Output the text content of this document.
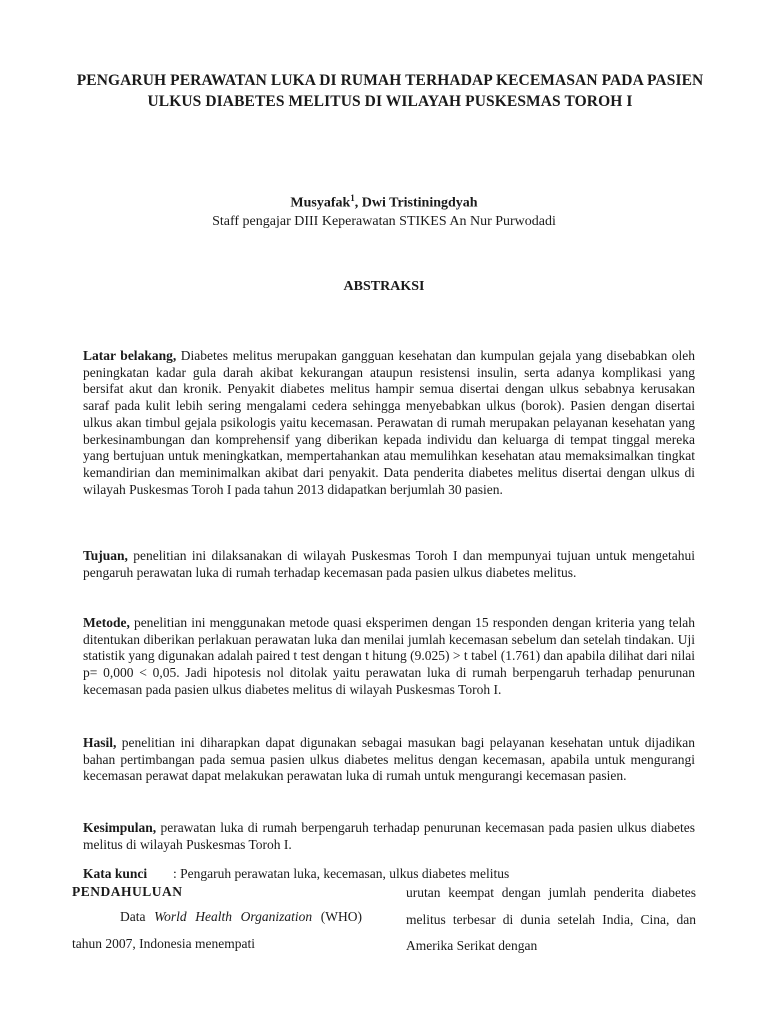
PENGARUH PERAWATAN LUKA DI RUMAH TERHADAP KECEMASAN PADA PASIEN ULKUS DIABETES MELITUS DI WILAYAH PUSKESMAS TOROH I
Musyafak$^1$, Dwi Tristiningdyah
Staff pengajar DIII Keperawatan STIKES An Nur Purwodadi
ABSTRAKSI
Latar belakang, Diabetes melitus merupakan gangguan kesehatan dan kumpulan gejala yang disebabkan oleh peningkatan kadar gula darah akibat kekurangan ataupun resistensi insulin, serta adanya komplikasi yang bersifat akut dan kronik. Penyakit diabetes melitus hampir semua disertai dengan ulkus sebabnya kerusakan saraf pada kulit lebih sering mengalami cedera sehingga menyebabkan ulkus (borok). Pasien dengan disertai ulkus akan timbul gejala psikologis yaitu kecemasan. Perawatan di rumah merupakan pelayanan kesehatan yang berkesinambungan dan komprehensif yang diberikan kepada individu dan keluarga di tempat tinggal mereka yang bertujuan untuk meningkatkan, mempertahankan atau memulihkan kesehatan atau memaksimalkan tingkat kemandirian dan meminimalkan akibat dari penyakit. Data penderita diabetes melitus disertai dengan ulkus di wilayah Puskesmas Toroh I pada tahun 2013 didapatkan berjumlah 30 pasien.
Tujuan, penelitian ini dilaksanakan di wilayah Puskesmas Toroh I dan mempunyai tujuan untuk mengetahui pengaruh perawatan luka di rumah terhadap kecemasan pada pasien ulkus diabetes melitus.
Metode, penelitian ini menggunakan metode quasi eksperimen dengan 15 responden dengan kriteria yang telah ditentukan diberikan perlakuan perawatan luka dan menilai jumlah kecemasan sebelum dan setelah tindakan. Uji statistik yang digunakan adalah paired t test dengan t hitung (9.025) > t tabel (1.761) dan apabila dilihat dari nilai p= 0,000 < 0,05. Jadi hipotesis nol ditolak yaitu perawatan luka di rumah berpengaruh terhadap penurunan kecemasan pada pasien ulkus diabetes melitus di wilayah Puskesmas Toroh I.
Hasil, penelitian ini diharapkan dapat digunakan sebagai masukan bagi pelayanan kesehatan untuk dijadikan bahan pertimbangan pada semua pasien ulkus diabetes melitus dengan kecemasan, apabila untuk mengurangi kecemasan perawat dapat melakukan perawatan luka di rumah untuk mengurangi kecemasan pasien.
Kesimpulan, perawatan luka di rumah berpengaruh terhadap penurunan kecemasan pada pasien ulkus diabetes melitus di wilayah Puskesmas Toroh I.
Kata kunci : Pengaruh perawatan luka, kecemasan, ulkus diabetes melitus
PENDAHULUAN
Data World Health Organization (WHO) tahun 2007, Indonesia menempati
urutan keempat dengan jumlah penderita diabetes melitus terbesar di dunia setelah India, Cina, dan Amerika Serikat dengan
